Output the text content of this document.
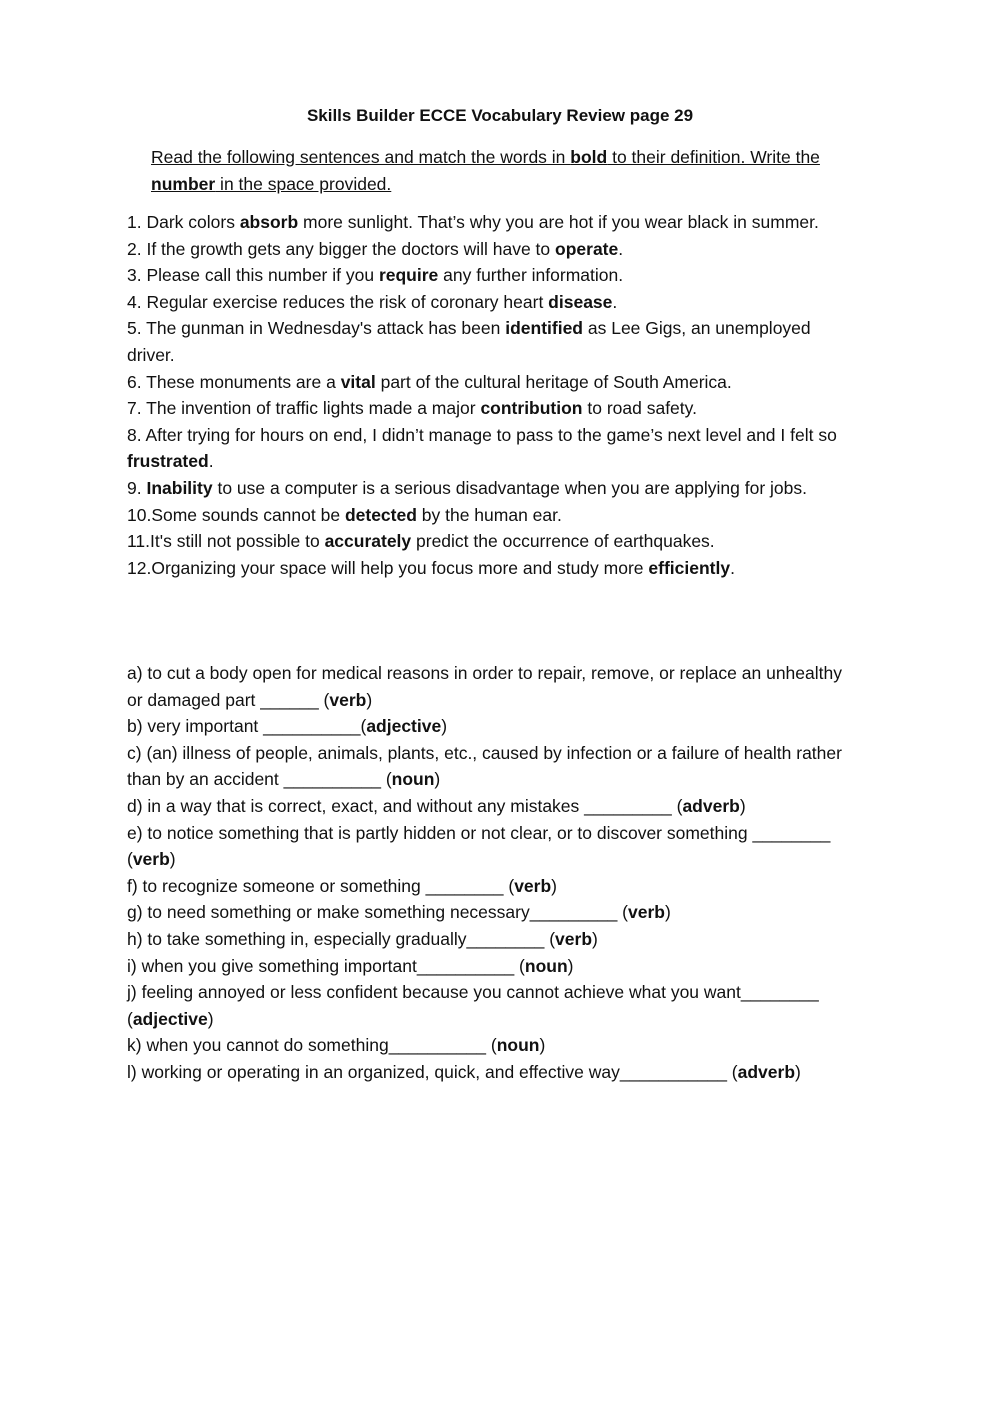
Skills Builder ECCE Vocabulary Review page 29
Read the following sentences and match the words in bold to their definition. Write the number in the space provided.
1. Dark colors absorb more sunlight. That’s why you are hot if you wear black in summer.
2. If the growth gets any bigger the doctors will have to operate.
3. Please call this number if you require any further information.
4. Regular exercise reduces the risk of coronary heart disease.
5. The gunman in Wednesday's attack has been identified as Lee Gigs, an unemployed driver.
6. These monuments are a vital part of the cultural heritage of South America.
7. The invention of traffic lights made a major contribution to road safety.
8. After trying for hours on end, I didn’t manage to pass to the game’s next level and I felt so frustrated.
9. Inability to use a computer is a serious disadvantage when you are applying for jobs.
10.Some sounds cannot be detected by the human ear.
11.It's still not possible to accurately predict the occurrence of earthquakes.
12.Organizing your space will help you focus more and study more efficiently.
a) to cut a body open for medical reasons in order to repair, remove, or replace an unhealthy or damaged part ______ (verb)
b) very important __________(adjective)
c) (an) illness of people, animals, plants, etc., caused by infection or a failure of health rather than by an accident __________ (noun)
d) in a way that is correct, exact, and without any mistakes _________ (adverb)
e) to notice something that is partly hidden or not clear, or to discover something ________ (verb)
f) to recognize someone or something ________ (verb)
g) to need something or make something necessary_________ (verb)
h) to take something in, especially gradually________ (verb)
i) when you give something important__________ (noun)
j) feeling annoyed or less confident because you cannot achieve what you want________ (adjective)
k) when you cannot do something__________ (noun)
l) working or operating in an organized, quick, and effective way___________ (adverb)
